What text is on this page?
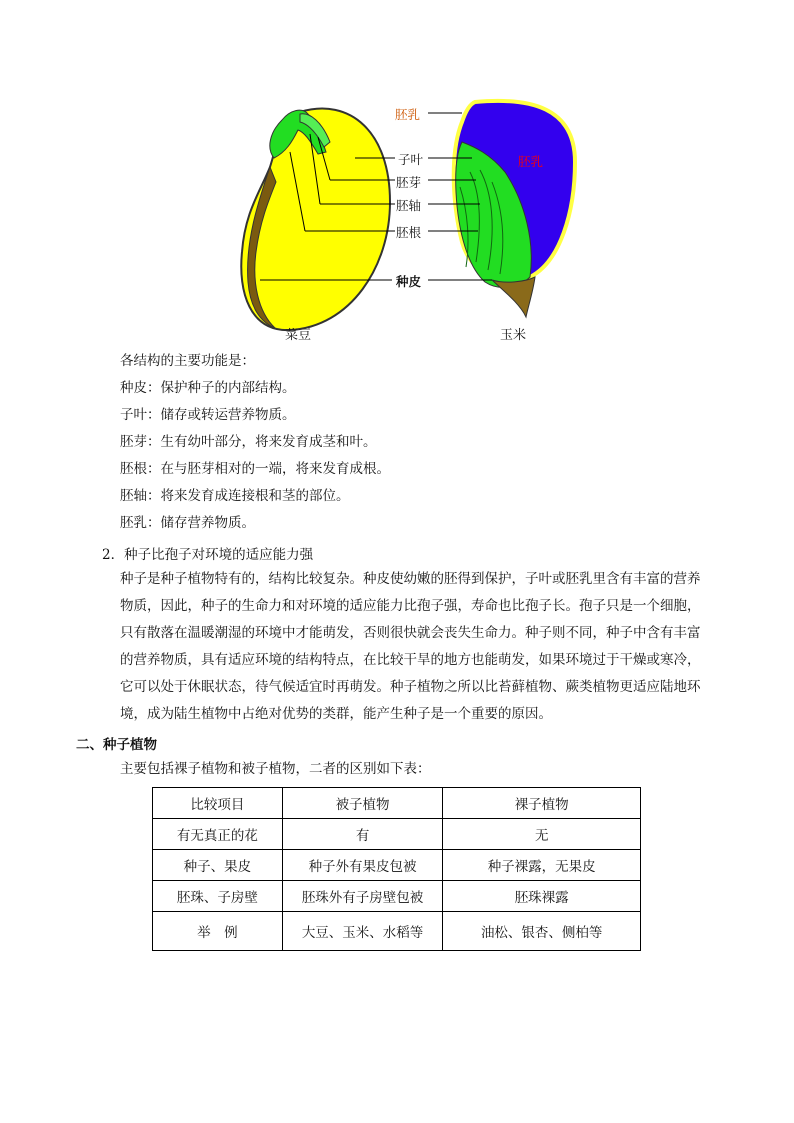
胚乳
胚乳
子叶
胚芽
胚轴
胚根
种皮
菜豆	玉米
各结构的主要功能是：
种皮：保护种子的内部结构。
子叶：储存或转运营养物质。
胚芽：生有幼叶部分，将来发育成茎和叶。
胚根：在与胚芽相对的一端，将来发育成根。
胚轴：将来发育成连接根和茎的部位。
胚乳：储存营养物质。
2．种子比孢子对环境的适应能力强
种子是种子植物特有的，结构比较复杂。种皮使幼嫩的胚得到保护，子叶或胚乳里含有丰富的营养
物质，因此，种子的生命力和对环境的适应能力比孢子强，寿命也比孢子长。孢子只是一个细胞，
只有散落在温暖潮湿的环境中才能萌发，否则很快就会丧失生命力。种子则不同，种子中含有丰富
的营养物质，具有适应环境的结构特点，在比较干旱的地方也能萌发，如果环境过于干燥或寒冷，
它可以处于休眠状态，待气候适宜时再萌发。种子植物之所以比苔藓植物、蕨类植物更适应陆地环
境，成为陆生植物中占绝对优势的类群，能产生种子是一个重要的原因。
二、种子植物
主要包括裸子植物和被子植物，二者的区别如下表：
比较项目	被子植物	裸子植物
有无真正的花	有	无
种子、果皮	种子外有果皮包被	种子裸露，无果皮
胚珠、子房壁	胚珠外有子房壁包被	胚珠裸露
举　例	大豆、玉米、水稻等	油松、银杏、侧柏等
